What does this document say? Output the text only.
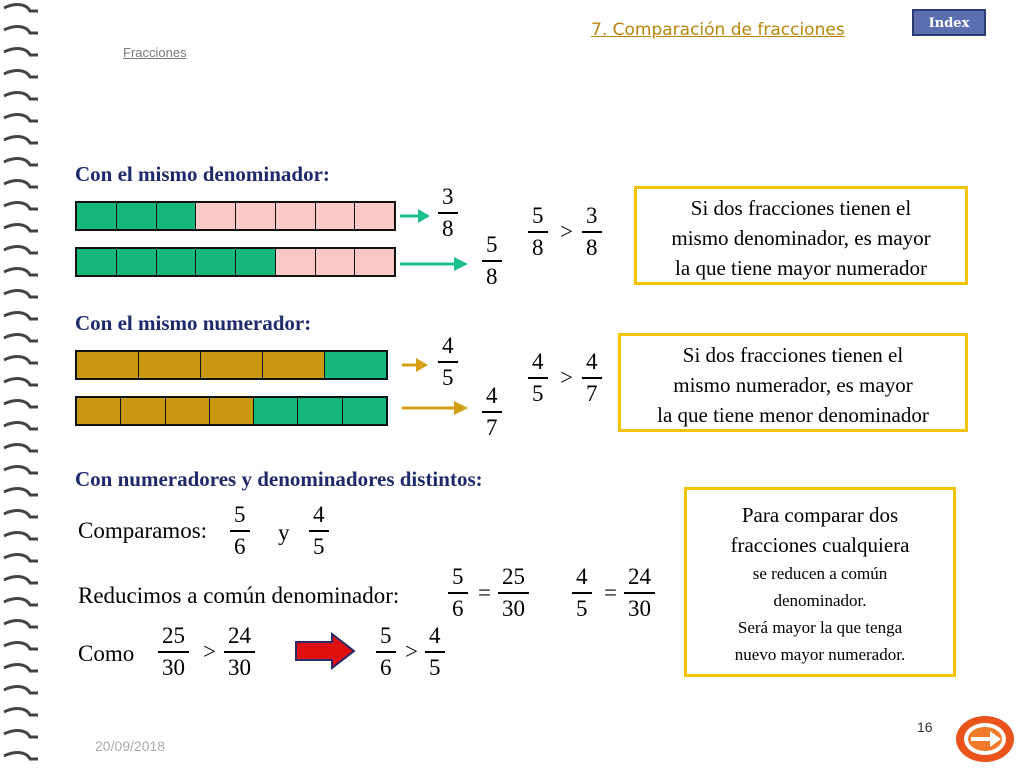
7. Comparación de fracciones	Index
Fracciones
Con el mismo denominador:
3
8
5
8
5
8
>
3
8
Si dos fracciones tienen el
mismo denominador, es mayor
la que tiene mayor numerador
Con el mismo numerador:
4
5
4
7
4
5
>
4
7
Si dos fracciones tienen el
mismo numerador, es mayor
la que tiene menor denominador
Con numeradores y denominadores distintos:
Comparamos:
5
6
y
4
5
Reducimos a común denominador:
5
6
=
25
30
4
5
=
24
30
Como
25
30
>
24
30
5
6
>
4
5
Para comparar dos
fracciones cualquiera
se reducen a común
denominador.
Será mayor la que tenga
nuevo mayor numerador.
20/09/2018
16
